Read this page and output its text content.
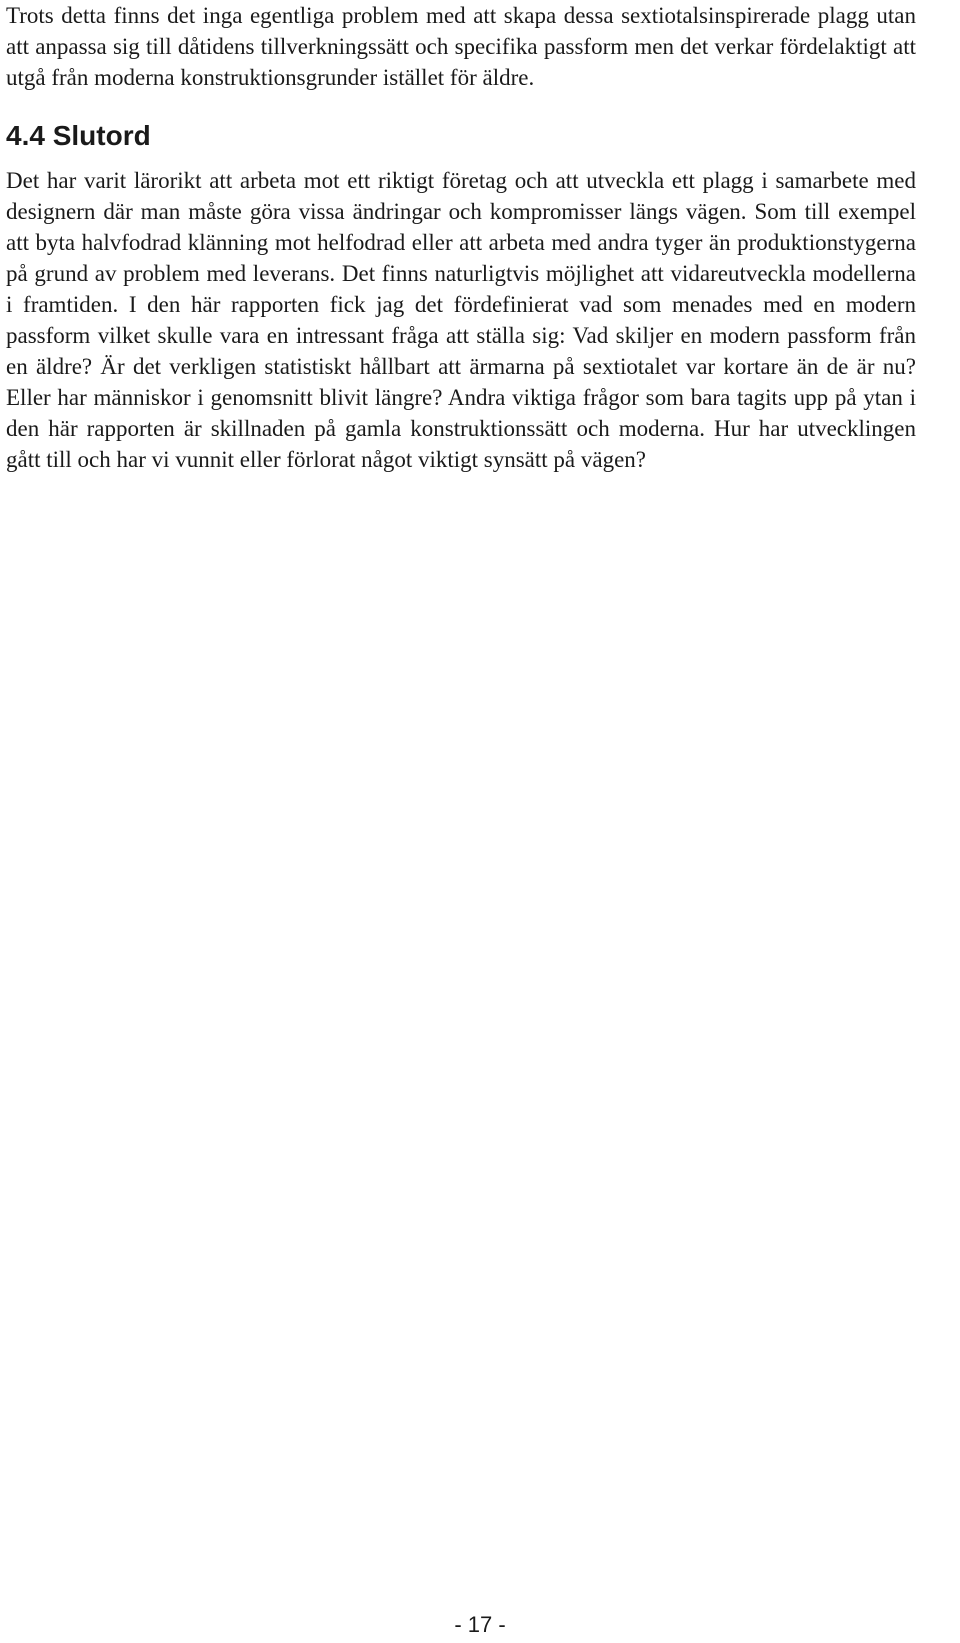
Trots detta finns det inga egentliga problem med att skapa dessa sextiotalsinspirerade plagg utan att anpassa sig till dåtidens tillverkningssätt och specifika passform men det verkar fördelaktigt att utgå från moderna konstruktionsgrunder istället för äldre.

4.4 Slutord

Det har varit lärorikt att arbeta mot ett riktigt företag och att utveckla ett plagg i samarbete med designern där man måste göra vissa ändringar och kompromisser längs vägen. Som till exempel att byta halvfodrad klänning mot helfodrad eller att arbeta med andra tyger än produktionstygerna på grund av problem med leverans. Det finns naturligtvis möjlighet att vidareutveckla modellerna i framtiden. I den här rapporten fick jag det fördefinierat vad som menades med en modern passform vilket skulle vara en intressant fråga att ställa sig: Vad skiljer en modern passform från en äldre? Är det verkligen statistiskt hållbart att ärmarna på sextiotalet var kortare än de är nu? Eller har människor i genomsnitt blivit längre? Andra viktiga frågor som bara tagits upp på ytan i den här rapporten är skillnaden på gamla konstruktionssätt och moderna. Hur har utvecklingen gått till och har vi vunnit eller förlorat något viktigt synsätt på vägen?

- 17 -
